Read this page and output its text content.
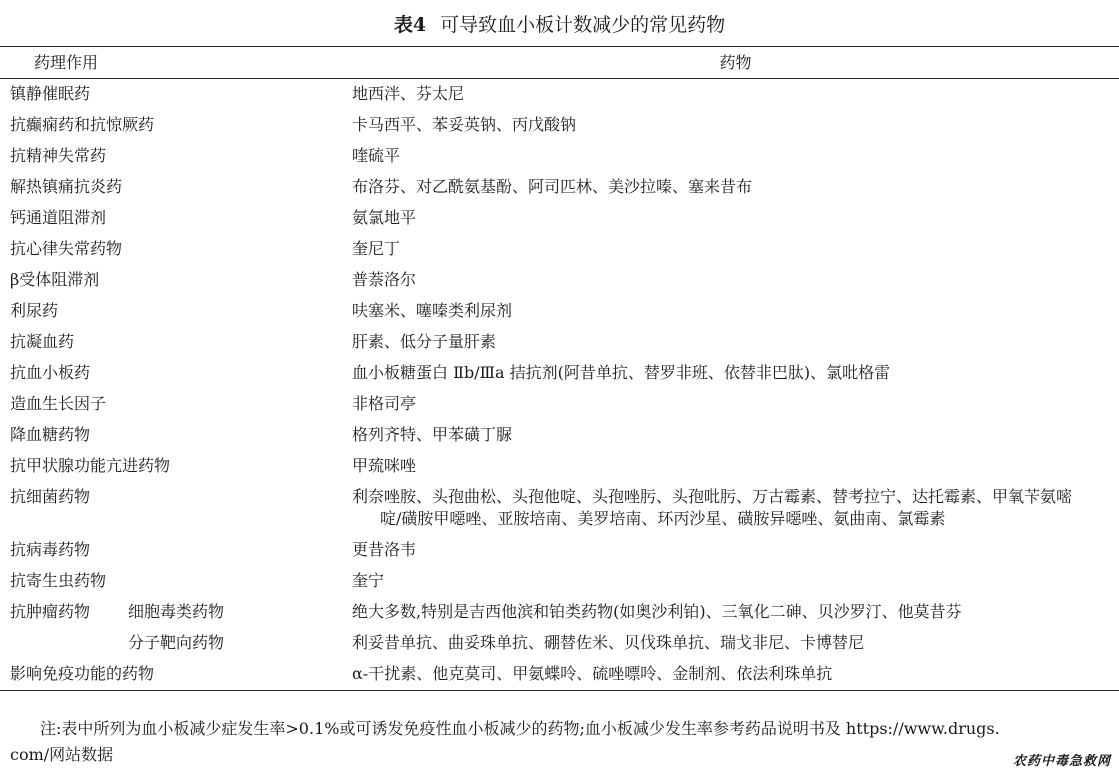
表4 可导致血小板计数减少的常见药物
药理作用	药物
镇静催眠药	地西泮、芬太尼
抗癫痫药和抗惊厥药	卡马西平、苯妥英钠、丙戊酸钠
抗精神失常药	喹硫平
解热镇痛抗炎药	布洛芬、对乙酰氨基酚、阿司匹林、美沙拉嗪、塞来昔布
钙通道阻滞剂	氨氯地平
抗心律失常药物	奎尼丁
β受体阻滞剂	普萘洛尔
利尿药	呋塞米、噻嗪类利尿剂
抗凝血药	肝素、低分子量肝素
抗血小板药	血小板糖蛋白 Ⅱb/Ⅲa 拮抗剂(阿昔单抗、替罗非班、依替非巴肽)、氯吡格雷
造血生长因子	非格司亭
降血糖药物	格列齐特、甲苯磺丁脲
抗甲状腺功能亢进药物	甲巯咪唑
抗细菌药物	利奈唑胺、头孢曲松、头孢他啶、头孢唑肟、头孢吡肟、万古霉素、替考拉宁、达托霉素、甲氧苄氨嘧
啶/磺胺甲噁唑、亚胺培南、美罗培南、环丙沙星、磺胺异噁唑、氨曲南、氯霉素

抗病毒药物	更昔洛韦
抗寄生虫药物	奎宁
抗肿瘤药物 细胞毒类药物	绝大多数,特别是吉西他滨和铂类药物(如奥沙利铂)、三氧化二砷、贝沙罗汀、他莫昔芬
分子靶向药物	利妥昔单抗、曲妥珠单抗、硼替佐米、贝伐珠单抗、瑞戈非尼、卡博替尼
影响免疫功能的药物	α-干扰素、他克莫司、甲氨蝶呤、硫唑嘌呤、金制剂、依法利珠单抗
注:表中所列为血小板减少症发生率>0.1%或可诱发免疫性血小板减少的药物;血小板减少发生率参考药品说明书及 https://www.drugs.
com/网站数据	农药中毒急救网
